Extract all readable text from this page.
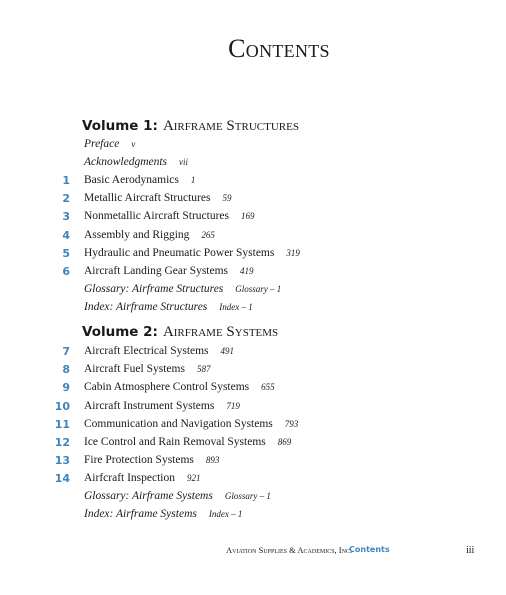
Contents
Volume 1: Airframe Structures
Preface v
Acknowledgments vii
1 Basic Aerodynamics 1
2 Metallic Aircraft Structures 59
3 Nonmetallic Aircraft Structures 169
4 Assembly and Rigging 265
5 Hydraulic and Pneumatic Power Systems 319
6 Aircraft Landing Gear Systems 419
Glossary: Airframe Structures Glossary – 1
Index: Airframe Structures Index – 1
Volume 2: Airframe Systems
7 Aircraft Electrical Systems 491
8 Aircraft Fuel Systems 587
9 Cabin Atmosphere Control Systems 655
10 Aircraft Instrument Systems 719
11 Communication and Navigation Systems 793
12 Ice Control and Rain Removal Systems 869
13 Fire Protection Systems 893
14 Airfcraft Inspection 921
Glossary: Airframe Systems Glossary – 1
Index: Airframe Systems Index – 1
Aviation Supplies & Academics, Inc.
Contents	iii
